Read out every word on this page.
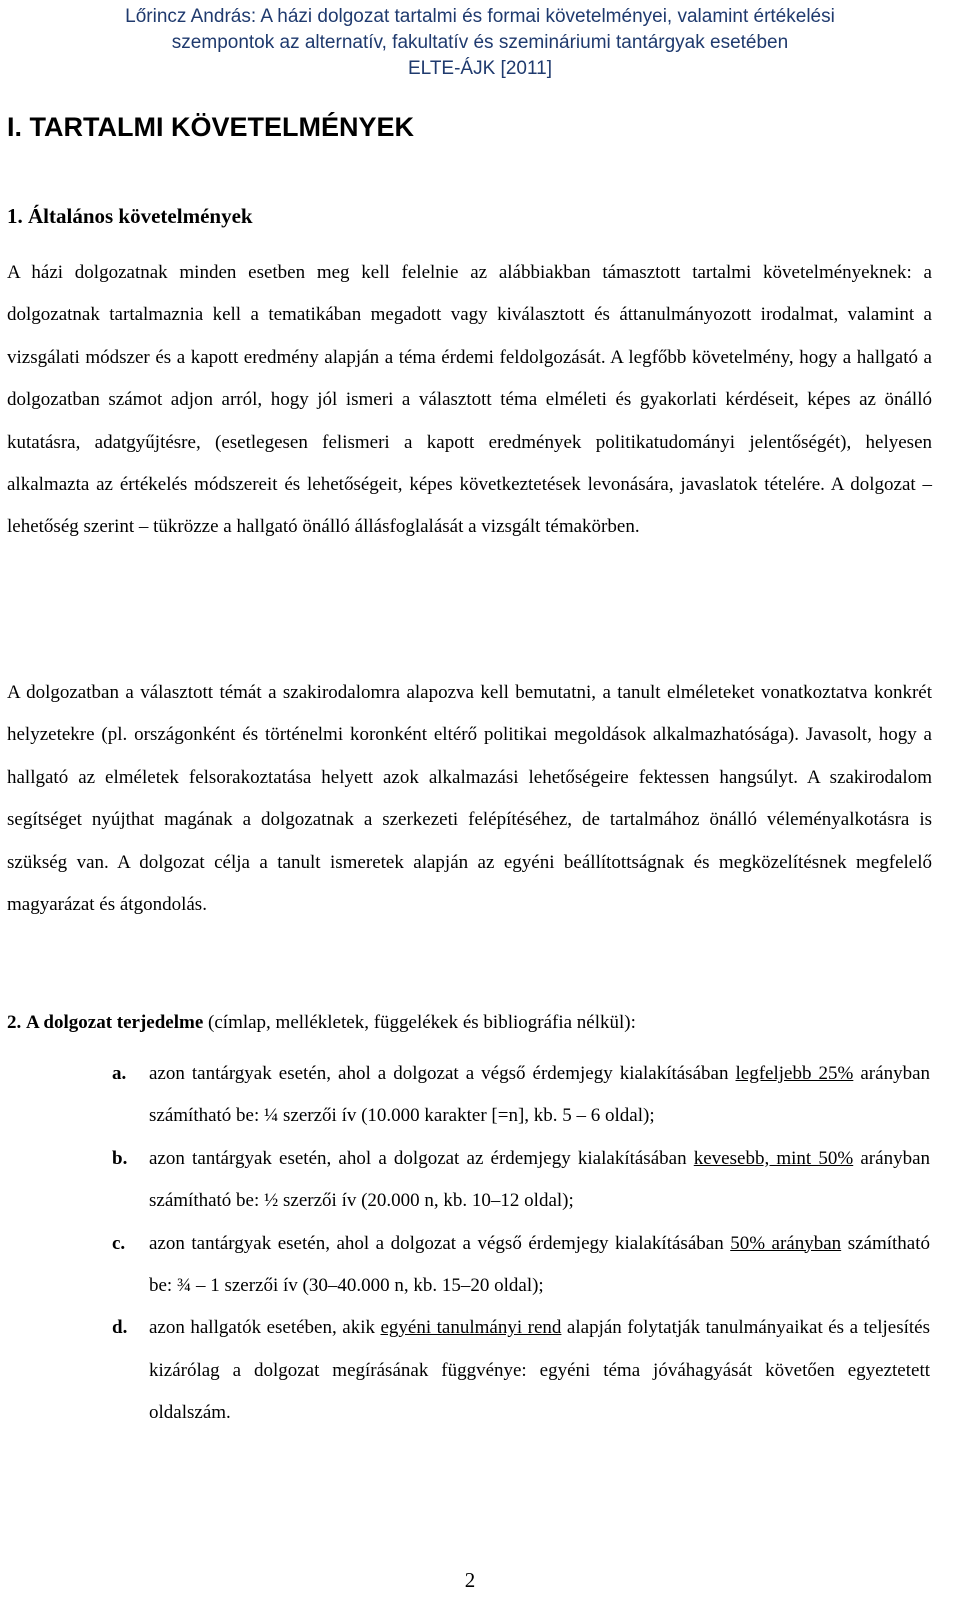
Lőrincz András: A házi dolgozat tartalmi és formai követelményei, valamint értékelési
szempontok az alternatív, fakultatív és szemináriumi tantárgyak esetében
ELTE-ÁJK [2011]
I. TARTALMI KÖVETELMÉNYEK
1. Általános követelmények
A házi dolgozatnak minden esetben meg kell felelnie az alábbiakban támasztott tartalmi követelményeknek: a dolgozatnak tartalmaznia kell a tematikában megadott vagy kiválasztott és áttanulmányozott irodalmat, valamint a vizsgálati módszer és a kapott eredmény alapján a téma érdemi feldolgozását. A legfőbb követelmény, hogy a hallgató a dolgozatban számot adjon arról, hogy jól ismeri a választott téma elméleti és gyakorlati kérdéseit, képes az önálló kutatásra, adatgyűjtésre, (esetlegesen felismeri a kapott eredmények politikatudományi jelentőségét), helyesen alkalmazta az értékelés módszereit és lehetőségeit, képes következtetések levonására, javaslatok tételére. A dolgozat – lehetőség szerint – tükrözze a hallgató önálló állásfoglalását a vizsgált témakörben.
A dolgozatban a választott témát a szakirodalomra alapozva kell bemutatni, a tanult elméleteket vonatkoztatva konkrét helyzetekre (pl. országonként és történelmi koronként eltérő politikai megoldások alkalmazhatósága). Javasolt, hogy a hallgató az elméletek felsorakoztatása helyett azok alkalmazási lehetőségeire fektessen hangsúlyt. A szakirodalom segítséget nyújthat magának a dolgozatnak a szerkezeti felépítéséhez, de tartalmához önálló véleményalkotásra is szükség van. A dolgozat célja a tanult ismeretek alapján az egyéni beállítottságnak és megközelítésnek megfelelő magyarázat és átgondolás.
2. A dolgozat terjedelme (címlap, mellékletek, függelékek és bibliográfia nélkül):
a. azon tantárgyak esetén, ahol a dolgozat a végső érdemjegy kialakításában legfeljebb 25% arányban számítható be: ¼ szerzői ív (10.000 karakter [=n], kb. 5 – 6 oldal);
b. azon tantárgyak esetén, ahol a dolgozat az érdemjegy kialakításában kevesebb, mint 50% arányban számítható be: ½ szerzői ív (20.000 n, kb. 10–12 oldal);
c. azon tantárgyak esetén, ahol a dolgozat a végső érdemjegy kialakításában 50% arányban számítható be: ¾ – 1 szerzői ív (30–40.000 n, kb. 15–20 oldal);
d. azon hallgatók esetében, akik egyéni tanulmányi rend alapján folytatják tanulmányaikat és a teljesítés kizárólag a dolgozat megírásának függvénye: egyéni téma jóváhagyását követően egyeztetett oldalszám.
2
